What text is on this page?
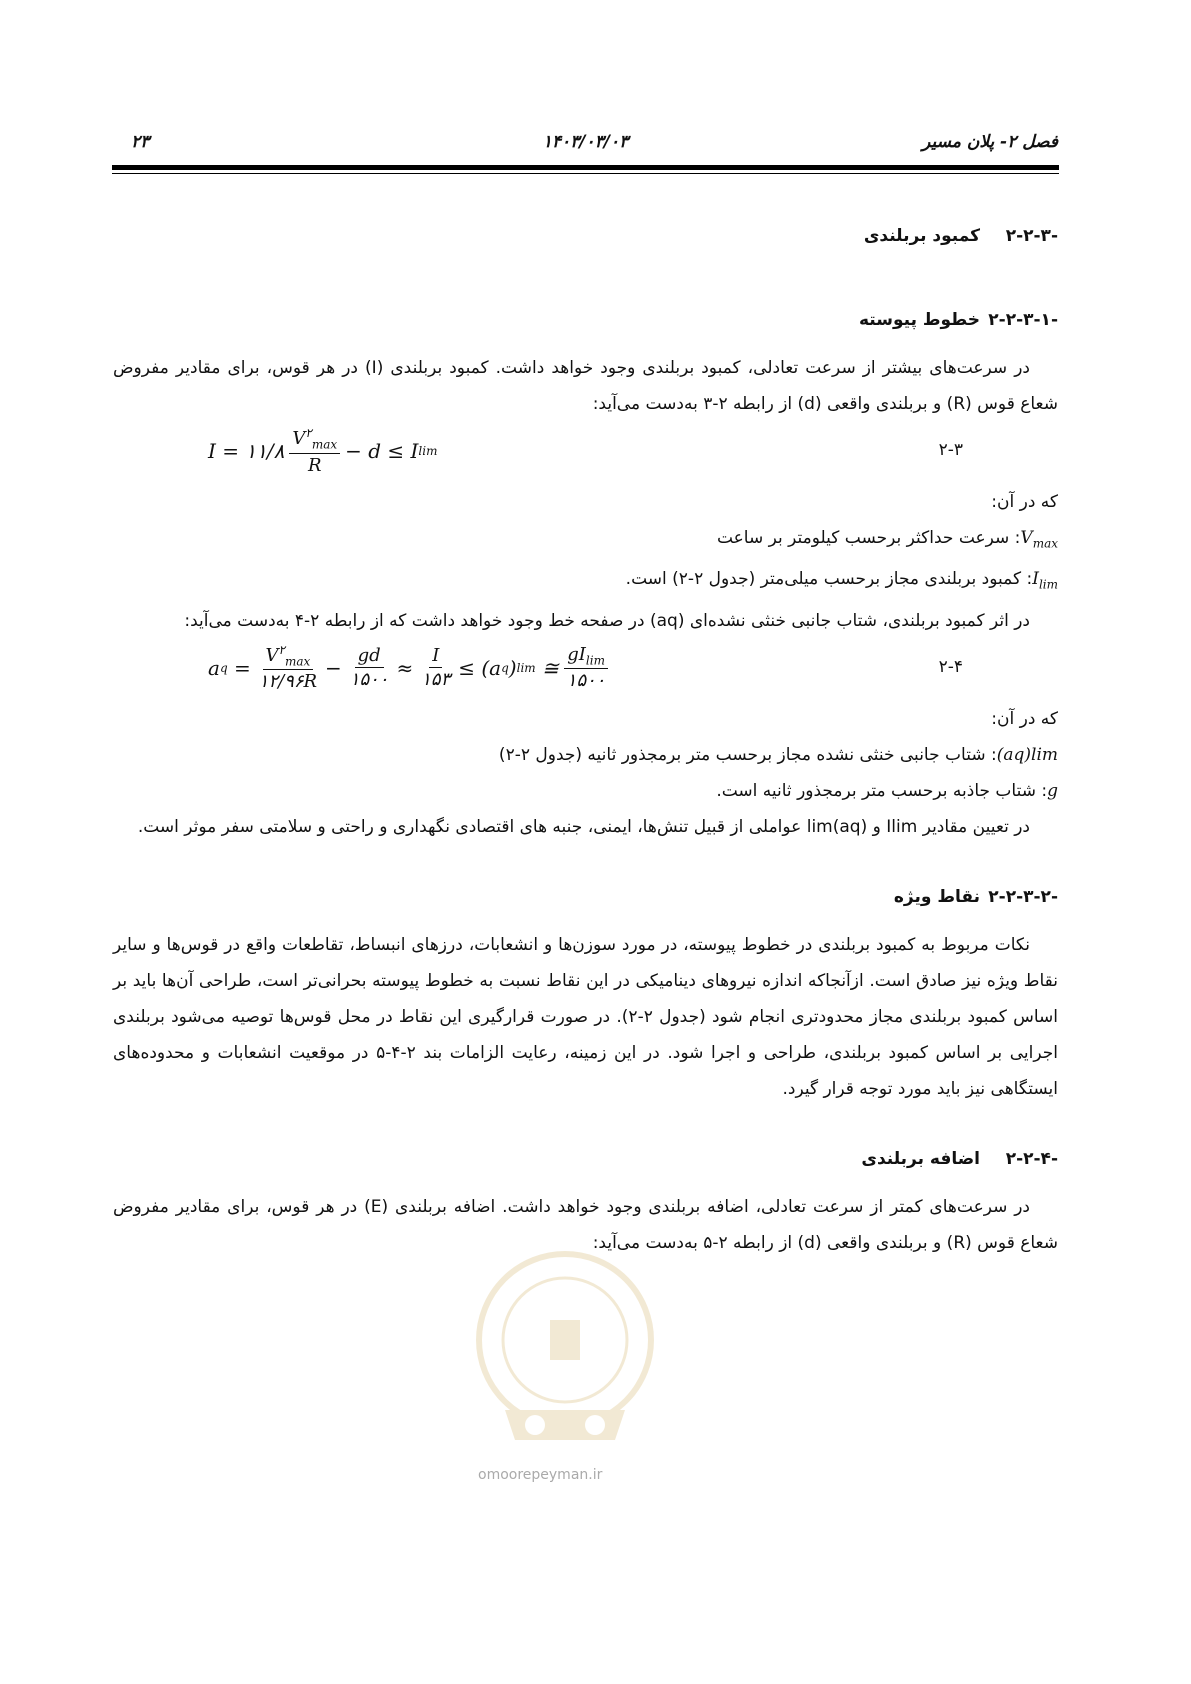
فصل ۲- پلان مسیر
۱۴۰۳/۰۳/۰۳
۲۳
-۲-۲-۳
کمبود بربلندی
-۲-۲-۳-۱
خطوط پیوسته

در سرعت‌های بیشتر از سرعت تعادلی، کمبود بربلندی وجود خواهد داشت. کمبود بربلندی (I) در هر قوس، برای مقادیر مفروض شعاع قوس (R) و بربلندی واقعی (d) از رابطه ۲-۳ به‌دست می‌آید:

۲-۳
I
= ۱۱/۸ $\frac{V^۲_{max}}{R} - d \le I$ lim

که در آن:

$V_{max}$: سرعت حداکثر برحسب کیلومتر بر ساعت

$I_{lim}$: کمبود بربلندی مجاز برحسب میلی‌متر (جدول ۲-۲) است.

در اثر کمبود بربلندی، شتاب جانبی خنثی نشده‌ای (aq) در صفحه خط وجود خواهد داشت که از رابطه ۲-۴ به‌دست می‌آید:

۲-۴
a $q = \frac{V^۲_{max}}{۱۲/۹۶R} - \frac{gd}{۱۵۰۰} \approx \frac{I}{۱۵۳} \le (a$ q ) lim ≅ $\frac{gI_{lim}}{۱۵۰۰}$

که در آن:

(aq)lim: شتاب جانبی خنثی نشده مجاز برحسب متر برمجذور ثانیه (جدول ۲-۲)

g: شتاب جاذبه برحسب متر برمجذور ثانیه است.

در تعیین مقادیر Ilim و (aq)lim عواملی از قبیل تنش‌ها، ایمنی، جنبه های اقتصادی نگهداری و راحتی و سلامتی سفر موثر است.

-۲-۲-۳-۲
نقاط ویژه

نکات مربوط به کمبود بربلندی در خطوط پیوسته، در مورد سوزن‌ها و انشعابات، درزهای انبساط، تقاطعات واقع در قوس‌ها و سایر نقاط ویژه نیز صادق است. ازآنجاکه اندازه نیروهای دینامیکی در این نقاط نسبت به خطوط پیوسته بحرانی‌تر است، طراحی آن‌ها باید بر اساس کمبود بربلندی مجاز محدودتری انجام شود (جدول ۲-۲). در صورت قرارگیری این نقاط در محل قوس‌ها توصیه می‌شود بربلندی اجرایی بر اساس کمبود بربلندی، طراحی و اجرا شود. در این زمینه، رعایت الزامات بند ۲-۴-۵ در موقعیت انشعابات و محدوده‌های ایستگاهی نیز باید مورد توجه قرار گیرد.

-۲-۲-۴
اضافه بربلندی

در سرعت‌های کمتر از سرعت تعادلی، اضافه بربلندی وجود خواهد داشت. اضافه بربلندی (E) در هر قوس، برای مقادیر مفروض شعاع قوس (R) و بربلندی واقعی (d) از رابطه ۲-۵ به‌دست می‌آید:

omoorepeyman.ir
